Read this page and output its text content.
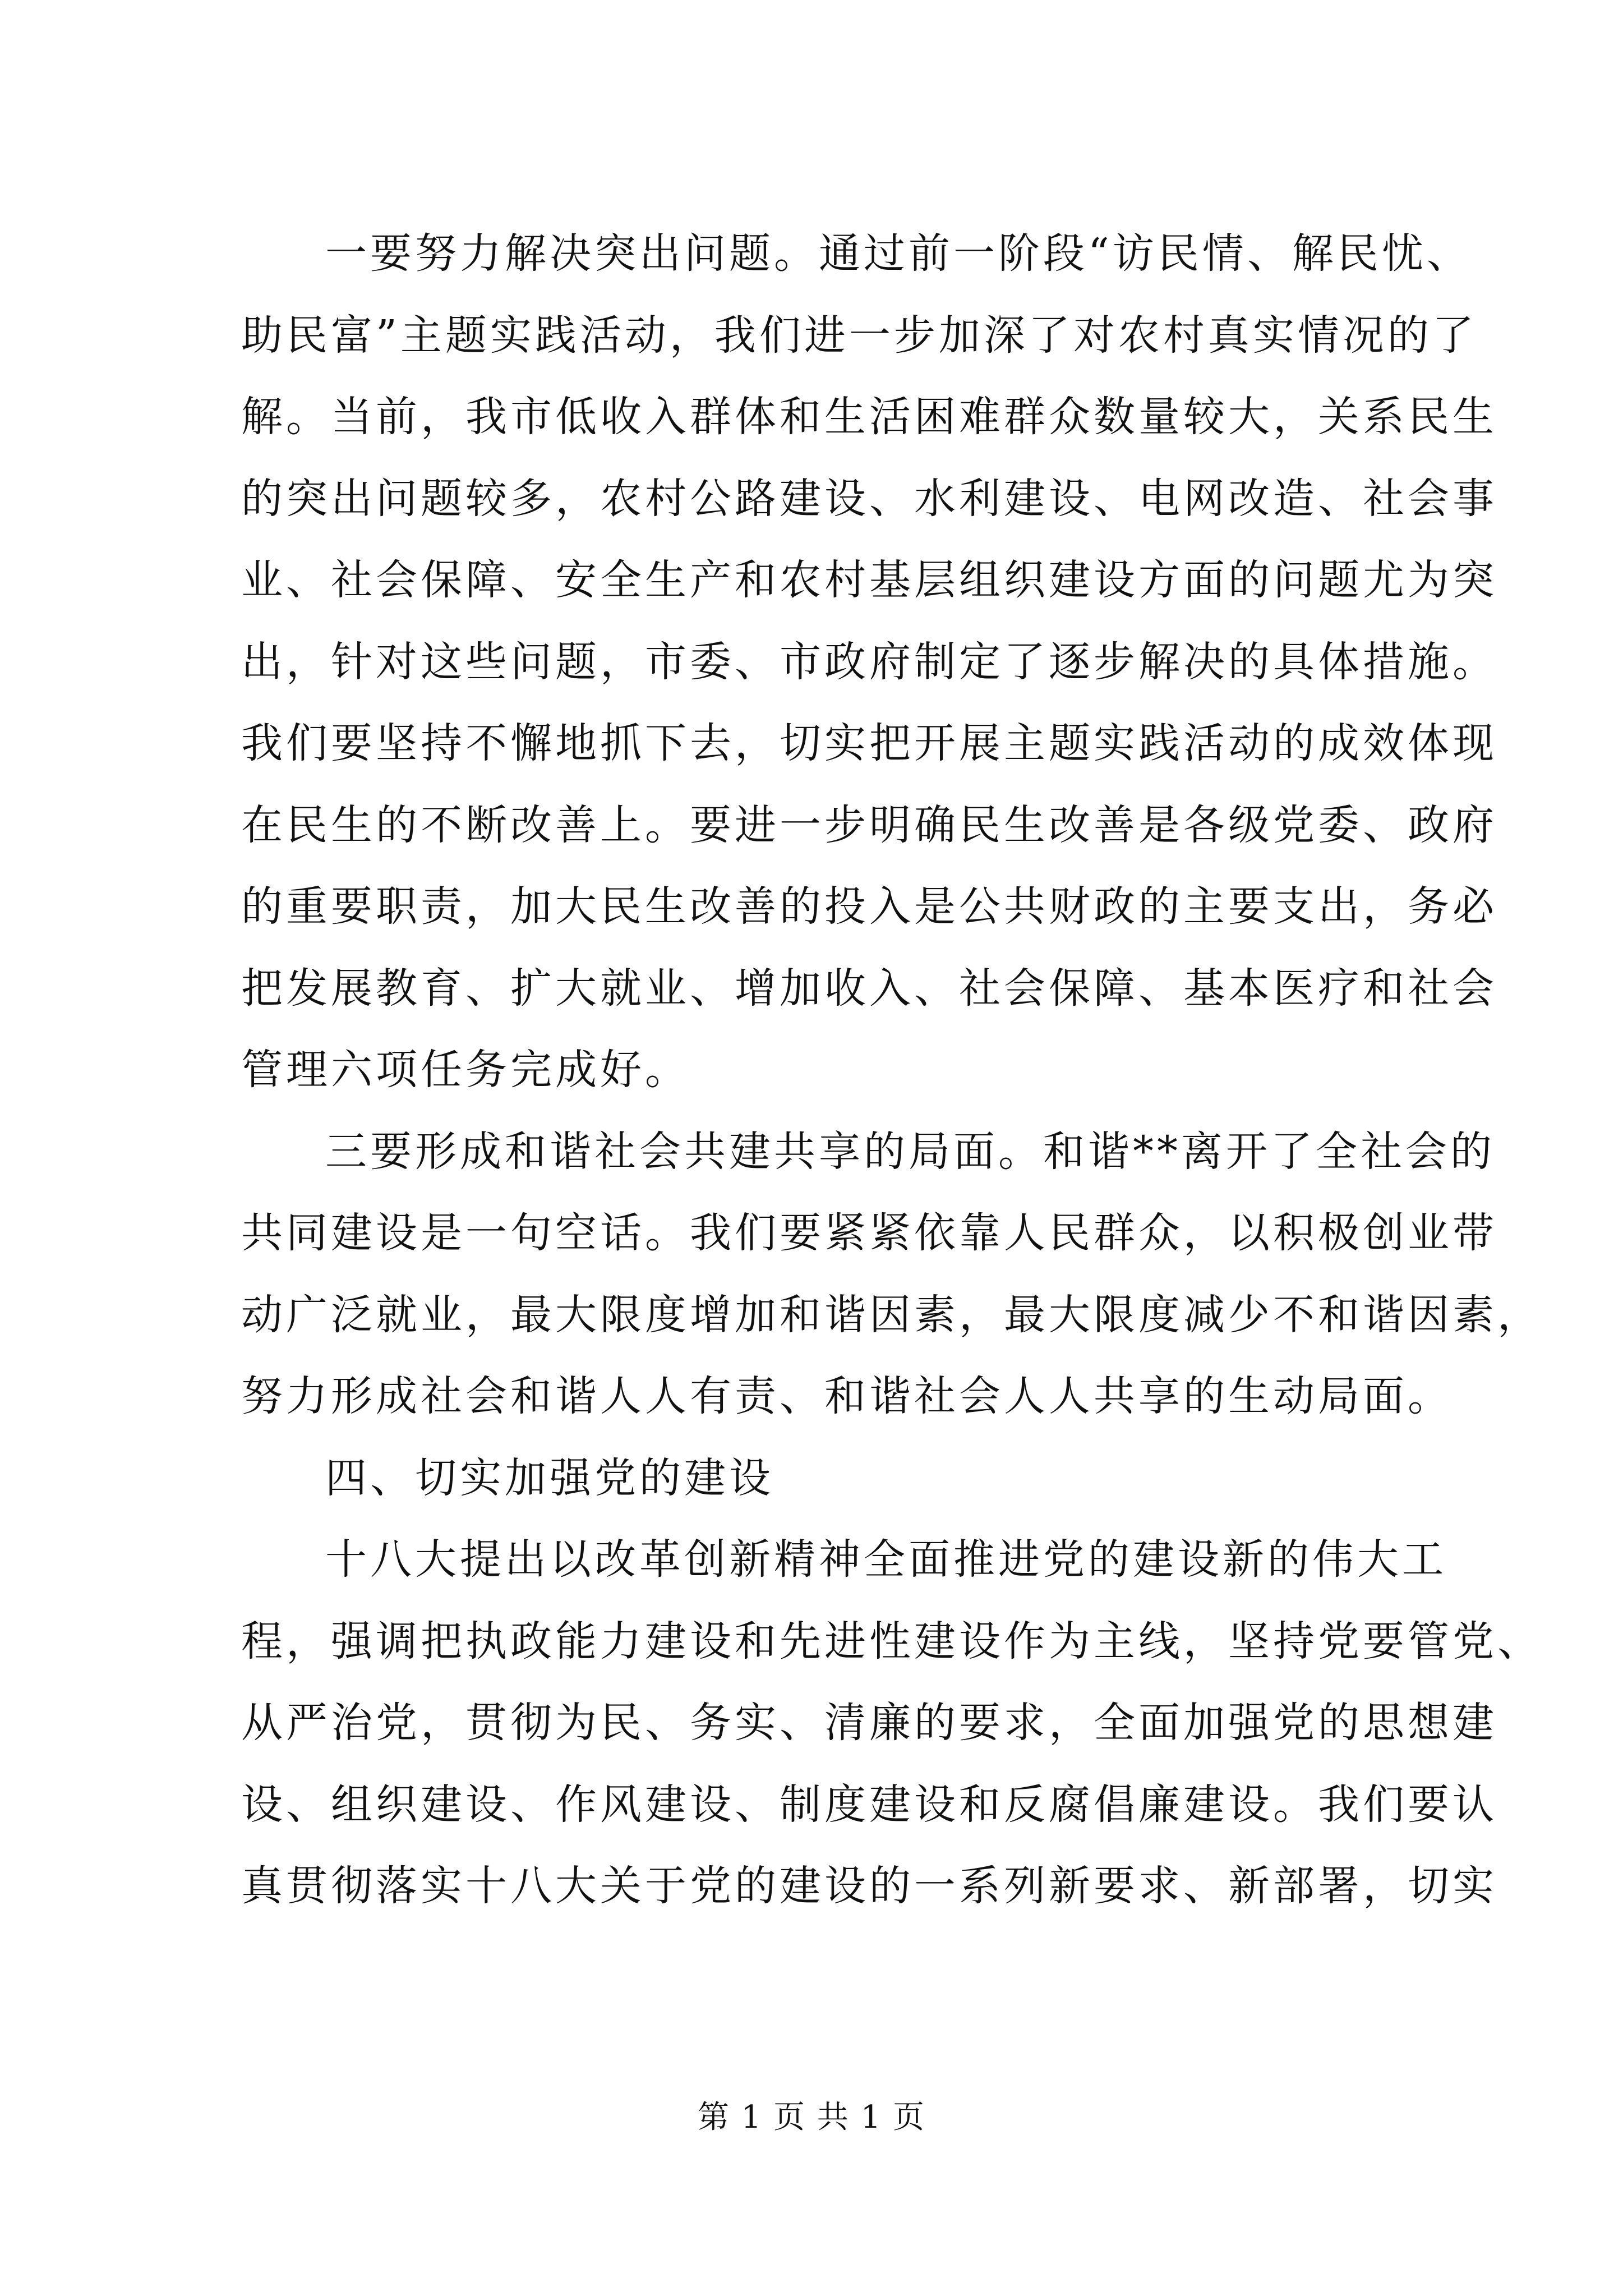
一要努力解决突出问题。通过前一阶段“访民情、解民忧、
助民富”主题实践活动，我们进一步加深了对农村真实情况的了
解。当前，我市低收入群体和生活困难群众数量较大，关系民生
的突出问题较多，农村公路建设、水利建设、电网改造、社会事
业、社会保障、安全生产和农村基层组织建设方面的问题尤为突
出，针对这些问题，市委、市政府制定了逐步解决的具体措施。
我们要坚持不懈地抓下去，切实把开展主题实践活动的成效体现
在民生的不断改善上。要进一步明确民生改善是各级党委、政府
的重要职责，加大民生改善的投入是公共财政的主要支出，务必
把发展教育、扩大就业、增加收入、社会保障、基本医疗和社会
管理六项任务完成好。
三要形成和谐社会共建共享的局面。和谐**离开了全社会的
共同建设是一句空话。我们要紧紧依靠人民群众，以积极创业带
动广泛就业，最大限度增加和谐因素，最大限度减少不和谐因素，
努力形成社会和谐人人有责、和谐社会人人共享的生动局面。
四、切实加强党的建设
十八大提出以改革创新精神全面推进党的建设新的伟大工
程，强调把执政能力建设和先进性建设作为主线，坚持党要管党、
从严治党，贯彻为民、务实、清廉的要求，全面加强党的思想建
设、组织建设、作风建设、制度建设和反腐倡廉建设。我们要认
真贯彻落实十八大关于党的建设的一系列新要求、新部署，切实
第 1 页 共 1 页
